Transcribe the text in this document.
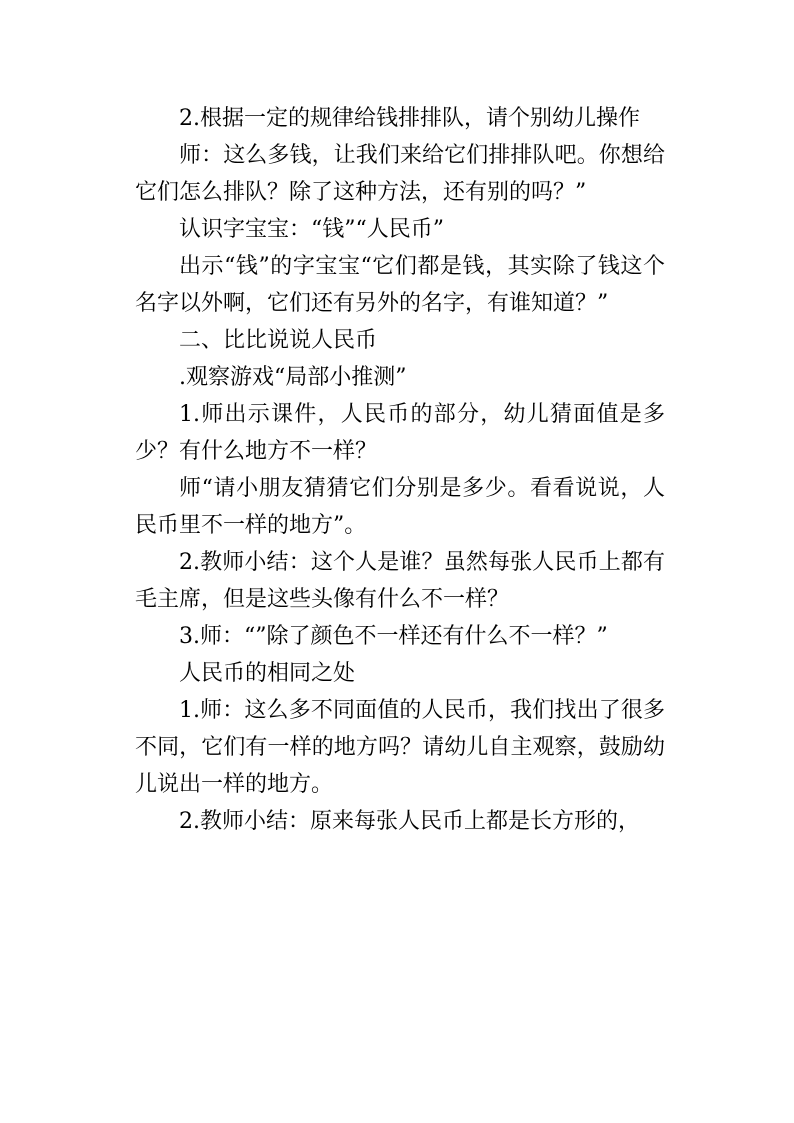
2.根据一定的规律给钱排排队，请个别幼儿操作

师：这么多钱，让我们来给它们排排队吧。你想给它们怎么排队？除了这种方法，还有别的吗？”

认识字宝宝：“钱”“人民币”

出示“钱”的字宝宝“它们都是钱，其实除了钱这个名字以外啊，它们还有另外的名字，有谁知道？”

二、比比说说人民币

.观察游戏“局部小推测”

1.师出示课件，人民币的部分，幼儿猜面值是多少？有什么地方不一样？

师“请小朋友猜猜它们分别是多少。看看说说，人民币里不一样的地方”。

2.教师小结：这个人是谁？虽然每张人民币上都有毛主席，但是这些头像有什么不一样？

3.师：“”除了颜色不一样还有什么不一样？”

人民币的相同之处

1.师：这么多不同面值的人民币，我们找出了很多不同，它们有一样的地方吗？请幼儿自主观察，鼓励幼儿说出一样的地方。

2.教师小结：原来每张人民币上都是长方形的，
